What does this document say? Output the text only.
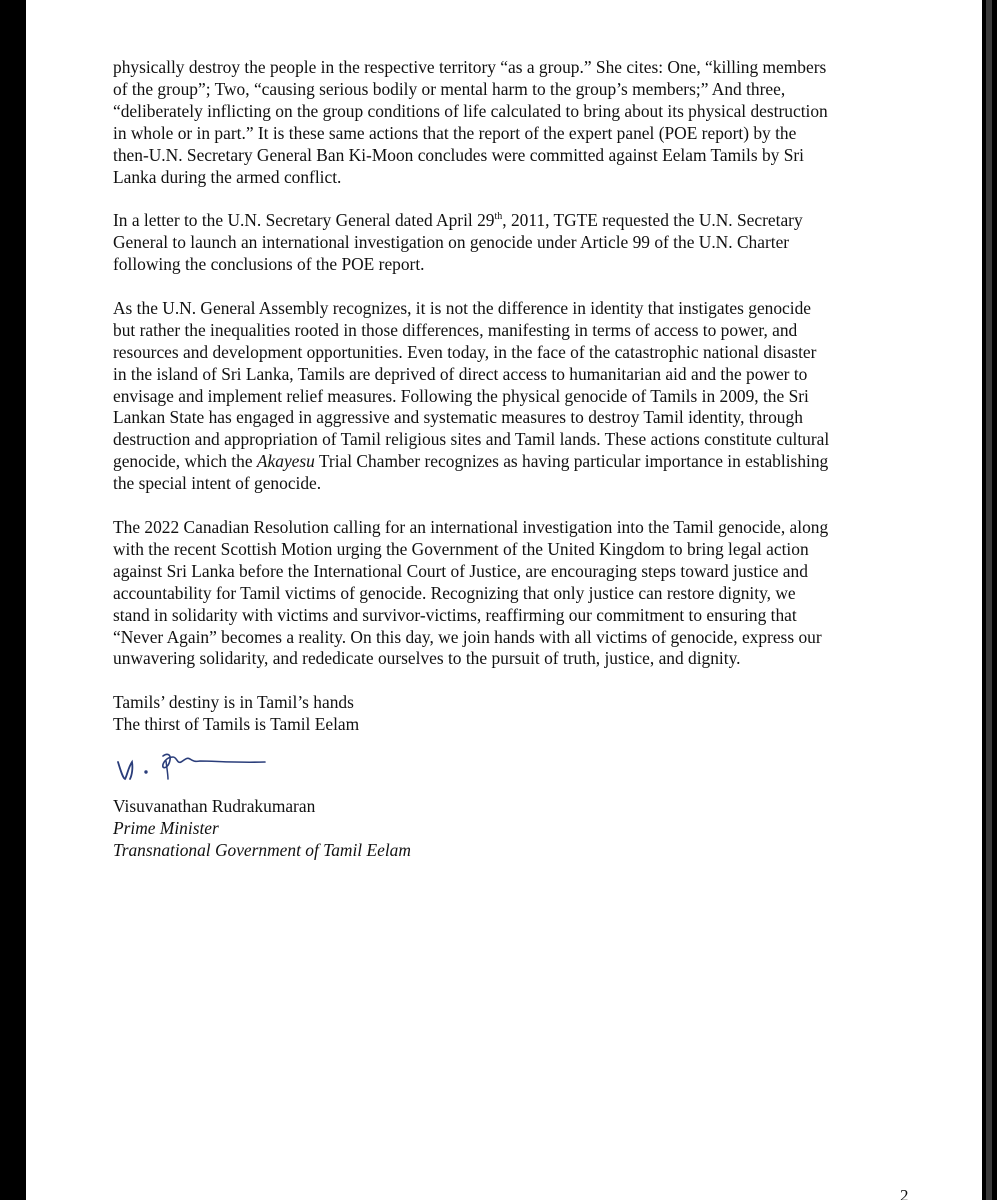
physically destroy the people in the respective territory “as a group.” She cites: One, “killing members
of the group”; Two, “causing serious bodily or mental harm to the group’s members;” And three,
“deliberately inflicting on the group conditions of life calculated to bring about its physical destruction
in whole or in part.” It is these same actions that the report of the expert panel (POE report) by the
then-U.N. Secretary General Ban Ki-Moon concludes were committed against Eelam Tamils by Sri
Lanka during the armed conflict.

In a letter to the U.N. Secretary General dated April 29th, 2011, TGTE requested the U.N. Secretary
General to launch an international investigation on genocide under Article 99 of the U.N. Charter
following the conclusions of the POE report.

As the U.N. General Assembly recognizes, it is not the difference in identity that instigates genocide
but rather the inequalities rooted in those differences, manifesting in terms of access to power, and
resources and development opportunities. Even today, in the face of the catastrophic national disaster
in the island of Sri Lanka, Tamils are deprived of direct access to humanitarian aid and the power to
envisage and implement relief measures. Following the physical genocide of Tamils in 2009, the Sri
Lankan State has engaged in aggressive and systematic measures to destroy Tamil identity, through
destruction and appropriation of Tamil religious sites and Tamil lands. These actions constitute cultural
genocide, which the Akayesu Trial Chamber recognizes as having particular importance in establishing
the special intent of genocide.

The 2022 Canadian Resolution calling for an international investigation into the Tamil genocide, along
with the recent Scottish Motion urging the Government of the United Kingdom to bring legal action
against Sri Lanka before the International Court of Justice, are encouraging steps toward justice and
accountability for Tamil victims of genocide. Recognizing that only justice can restore dignity, we
stand in solidarity with victims and survivor-victims, reaffirming our commitment to ensuring that
“Never Again” becomes a reality. On this day, we join hands with all victims of genocide, express our
unwavering solidarity, and rededicate ourselves to the pursuit of truth, justice, and dignity.

Tamils’ destiny is in Tamil’s hands

The thirst of Tamils is Tamil Eelam

Visuvanathan Rudrakumaran

Prime Minister

Transnational Government of Tamil Eelam

2
